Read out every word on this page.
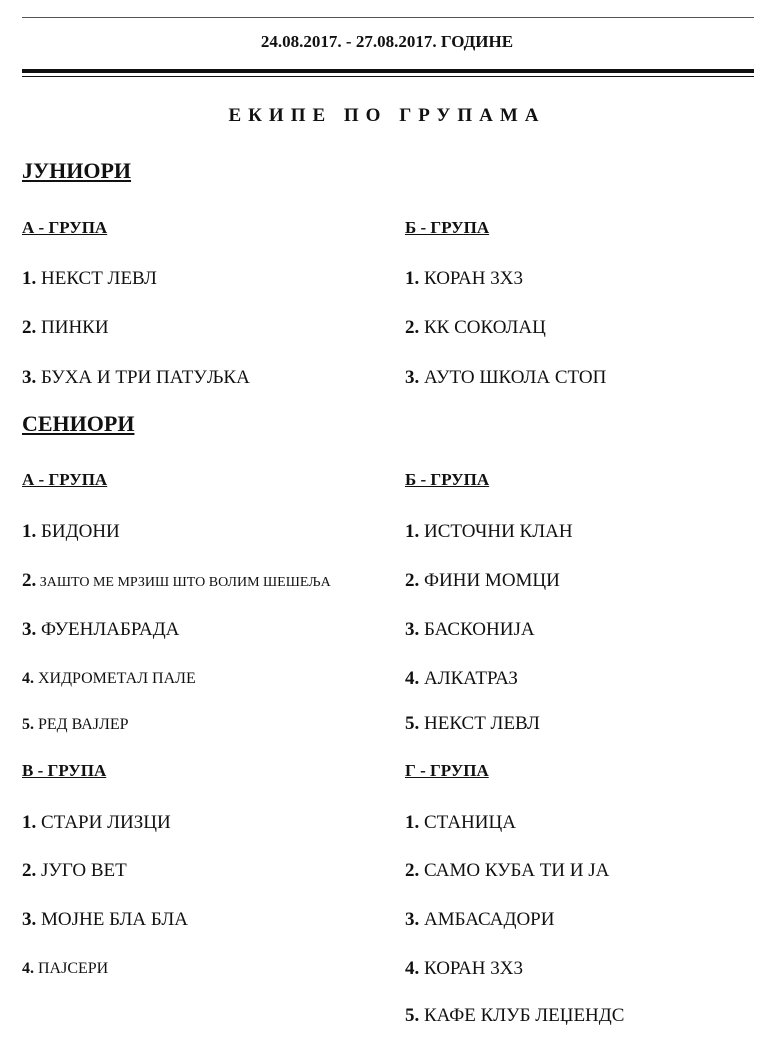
24.08.2017. - 27.08.2017. ГОДИНЕ
ЕКИПЕ ПО ГРУПАМА
ЈУНИОРИ
А - ГРУПА
1. НЕКСТ ЛЕВЛ
2. ПИНКИ
3. БУХА И ТРИ ПАТУЉКА
Б - ГРУПА
1. КОРАН 3Х3
2. КК СОКОЛАЦ
3. АУТО ШКОЛА СТОП
СЕНИОРИ
А - ГРУПА
1. БИДОНИ
2. ЗАШТО МЕ МРЗИШ ШТО ВОЛИМ ШЕШЕЉА
3. ФУЕНЛАБРАДА
4. ХИДРОМЕТАЛ ПАЛЕ
5. РЕД ВАЈЛЕР
Б - ГРУПА
1. ИСТОЧНИ КЛАН
2. ФИНИ МОМЦИ
3. БАСКОНИЈА
4. АЛКАТРАЗ
5. НЕКСТ ЛЕВЛ
В - ГРУПА
1. СТАРИ ЛИЗЦИ
2. ЈУГО ВЕТ
3. МОЈНЕ БЛА БЛА
4. ПАЈСЕРИ
Г - ГРУПА
1. СТАНИЦА
2. САМО КУБА ТИ И ЈА
3. АМБАСАДОРИ
4. КОРАН 3Х3
5. КАФЕ КЛУБ ЛЕЏЕНДС
